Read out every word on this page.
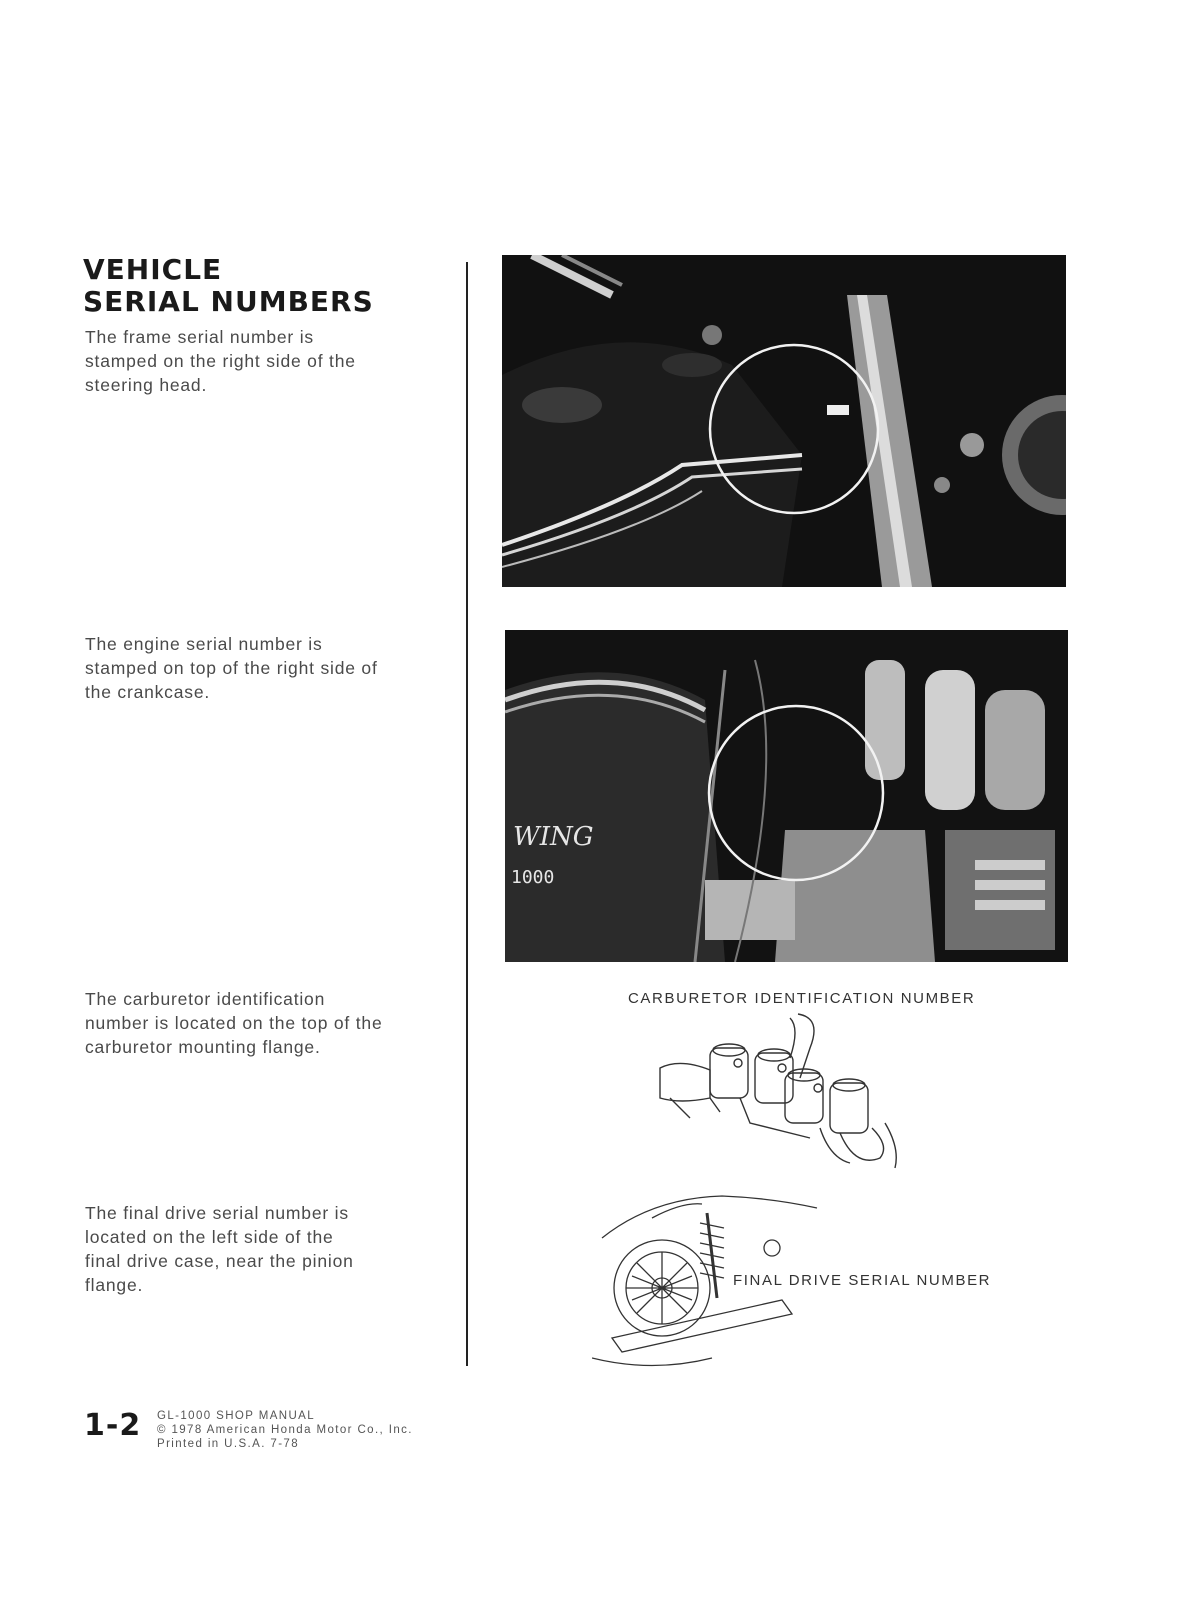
VEHICLE
SERIAL NUMBERS

The frame serial number is stamped on the right side of the steering head.

The engine serial number is stamped on top of the right side of the crankcase.

The carburetor identification number is located on the top of the carburetor mounting flange.

The final drive serial number is located on the left side of the final drive case, near the pinion flange.

WING
1000
CARBURETOR IDENTIFICATION NUMBER
FINAL DRIVE SERIAL NUMBER
1-2 GL-1000 SHOP MANUAL
© 1978 American Honda Motor Co., Inc.
Printed in U.S.A. 7-78
